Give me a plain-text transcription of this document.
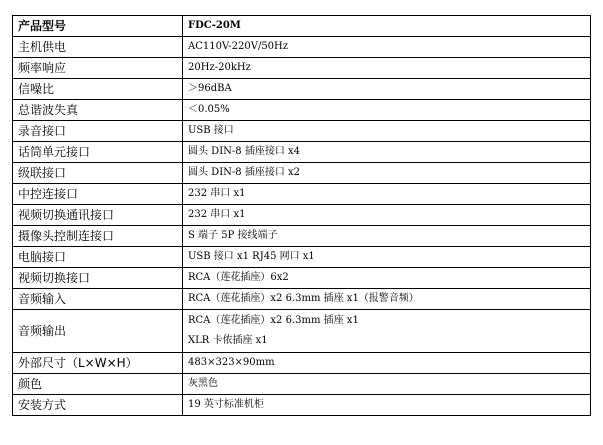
产品型号	FDC-20M
主机供电	AC110V-220V/50Hz
频率响应	20Hz-20kHz
信噪比	＞96dBA
总谐波失真	＜0.05%
录音接口	USB 接口
话筒单元接口	圆头 DIN-8 插座接口 x4
级联接口	圆头 DIN-8 插座接口 x2
中控连接口	232 串口 x1
视频切换通讯接口	232 串口 x1
摄像头控制连接口	S 端子 5P 接线端子
电脑接口	USB 接口 x1 RJ45 网口 x1
视频切换接口	RCA（莲花插座）6x2
音频输入	RCA（莲花插座）x2 6.3mm 插座 x1（报警音频）
音频输出	RCA（莲花插座）x2 6.3mm 插座 x1
XLR 卡侬插座 x1

外部尺寸（L×W×H）	483×323×90mm
颜色	灰黑色
安装方式	19 英寸标准机柜
